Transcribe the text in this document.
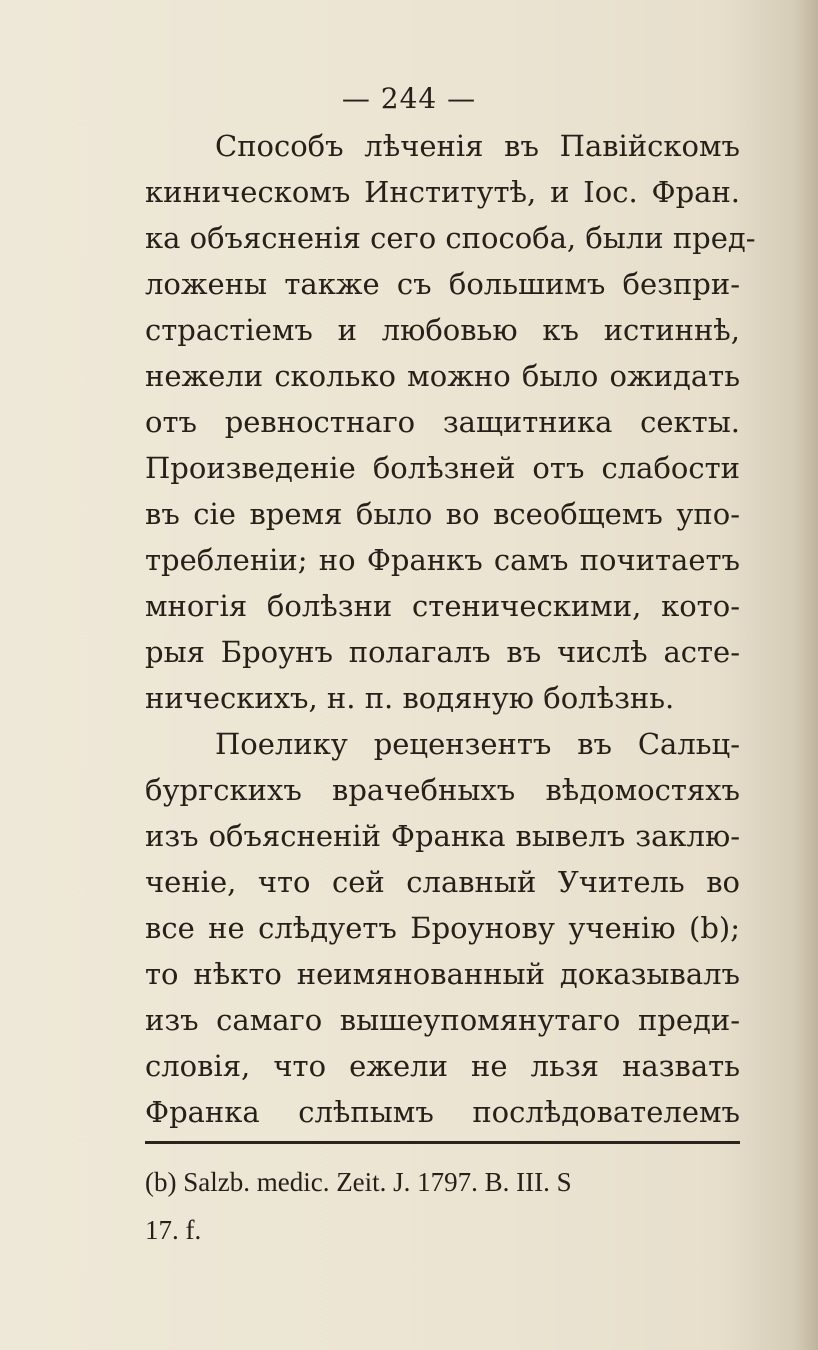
— 244 —
Способъ лѣченія въ Павійскомъ
киническомъ Институтѣ, и Іос. Фран.
ка объясненія сего способа, были пред-
ложены также съ большимъ безпри-
страстіемъ и любовью къ истиннѣ,
нежели сколько можно было ожидать
отъ ревностнаго защитника секты.
Произведеніе болѣзней отъ слабости
въ сіе время было во всеобщемъ упо-
требленіи; но Франкъ самъ почитаетъ
многія болѣзни стеническими, кото-
рыя Броунъ полагалъ въ числѣ асте-
ническихъ, н. п. водяную болѣзнь.
Поелику рецензентъ въ Сальц-
бургскихъ врачебныхъ вѣдомостяхъ
изъ объясненій Франка вывелъ заклю-
ченіе, что сей славный Учитель во
все не слѣдуетъ Броунову ученію (b);
то нѣкто неимянованный доказывалъ
изъ самаго вышеупомянутаго преди-
словія, что ежели не льзя назвать
Франка слѣпымъ послѣдователемъ
(b) Salzb. medic. Zeit. J. 1797. B. III. S
17. f.
